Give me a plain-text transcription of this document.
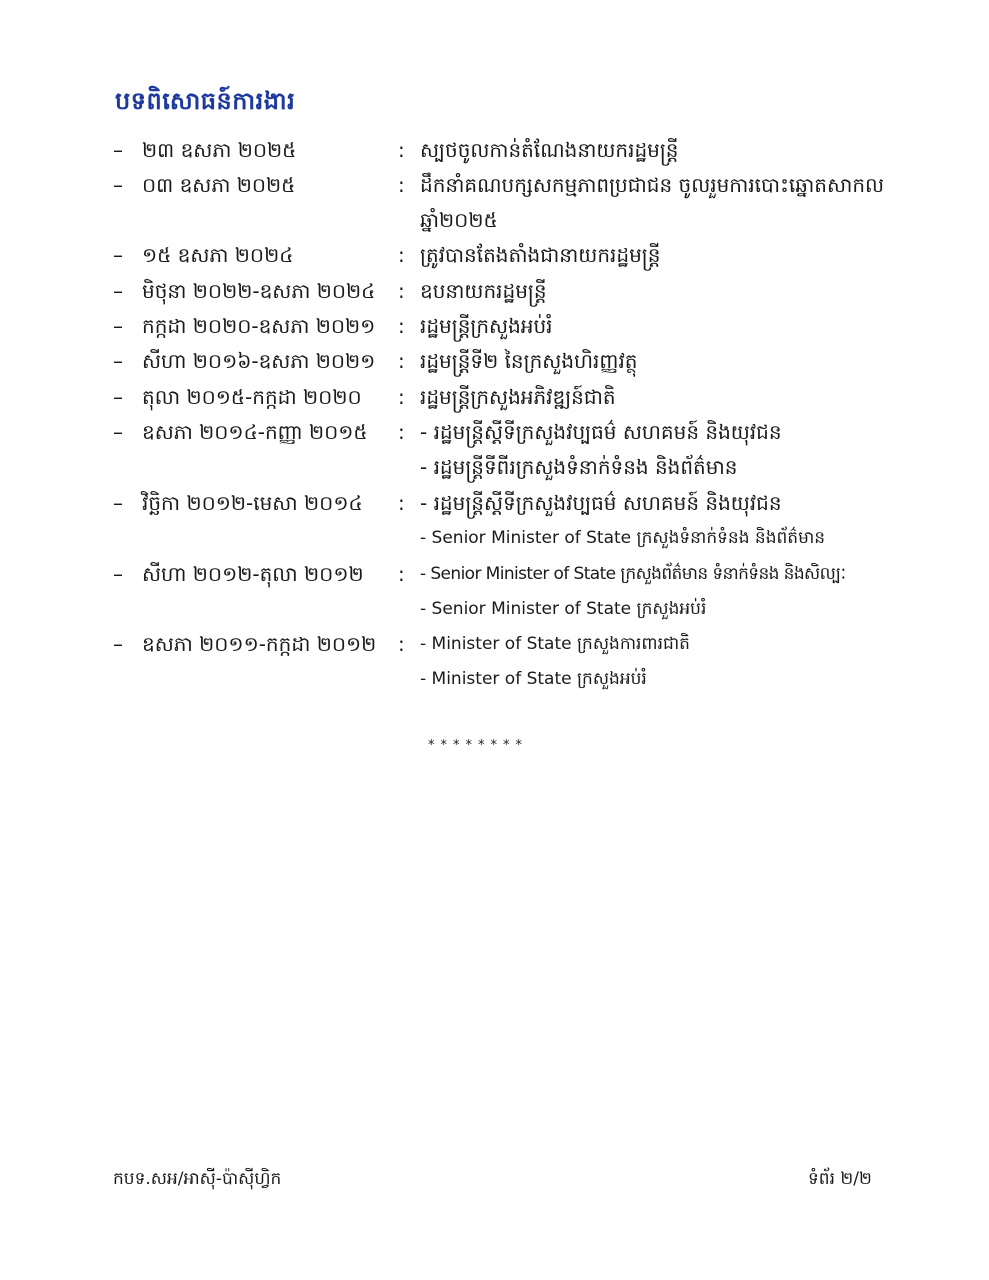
បទពិសោធន៍ការងារ
– ២៣ ឧសភា ២០២៥	: ស្បថចូលកាន់តំណែងនាយករដ្ឋមន្ត្រី
– ០៣ ឧសភា ២០២៥	: ដឹកនាំគណបក្សសកម្មភាពប្រជាជន ចូលរួមការបោះឆ្នោតសាកល ឆ្នាំ២០២៥
– ១៥ ឧសភា ២០២៤	: ត្រូវបានតែងតាំងជានាយករដ្ឋមន្ត្រី
– មិថុនា ២០២២-ឧសភា ២០២៤ : ឧបនាយករដ្ឋមន្ត្រី
– កក្កដា ២០២០-ឧសភា ២០២១ : រដ្ឋមន្ត្រីក្រសួងអប់រំ
– សីហា ២០១៦-ឧសភា ២០២១ : រដ្ឋមន្ត្រីទី២ នៃក្រសួងហិរញ្ញវត្ថុ
– តុលា ២០១៥-កក្កដា ២០២០ : រដ្ឋមន្ត្រីក្រសួងអភិវឌ្ឍន៍ជាតិ
– ឧសភា ២០១៤-កញ្ញា ២០១៥ : - រដ្ឋមន្ត្រីស្តីទីក្រសួងវប្បធម៌ សហគមន៍ និងយុវជន
- រដ្ឋមន្ត្រីទីពីរក្រសួងទំនាក់ទំនង និងព័ត៌មាន
– វិច្ឆិកា ២០១២-មេសា ២០១៤ : - រដ្ឋមន្ត្រីស្តីទីក្រសួងវប្បធម៌ សហគមន៍ និងយុវជន
- Senior Minister of State ក្រសួងទំនាក់ទំនង និងព័ត៌មាន
– សីហា ២០១២-តុលា ២០១២ : - Senior Minister of State ក្រសួងព័ត៌មាន ទំនាក់ទំនង និងសិល្បៈ
- Senior Minister of State ក្រសួងអប់រំ
– ឧសភា ២០១១-កក្កដា ២០១២ : - Minister of State ក្រសួងការពារជាតិ
- Minister of State ក្រសួងអប់រំ
********
កបទ.សអ/អាស៊ី-ប៉ាស៊ីហ្វិក	ទំព័រ ២/២
